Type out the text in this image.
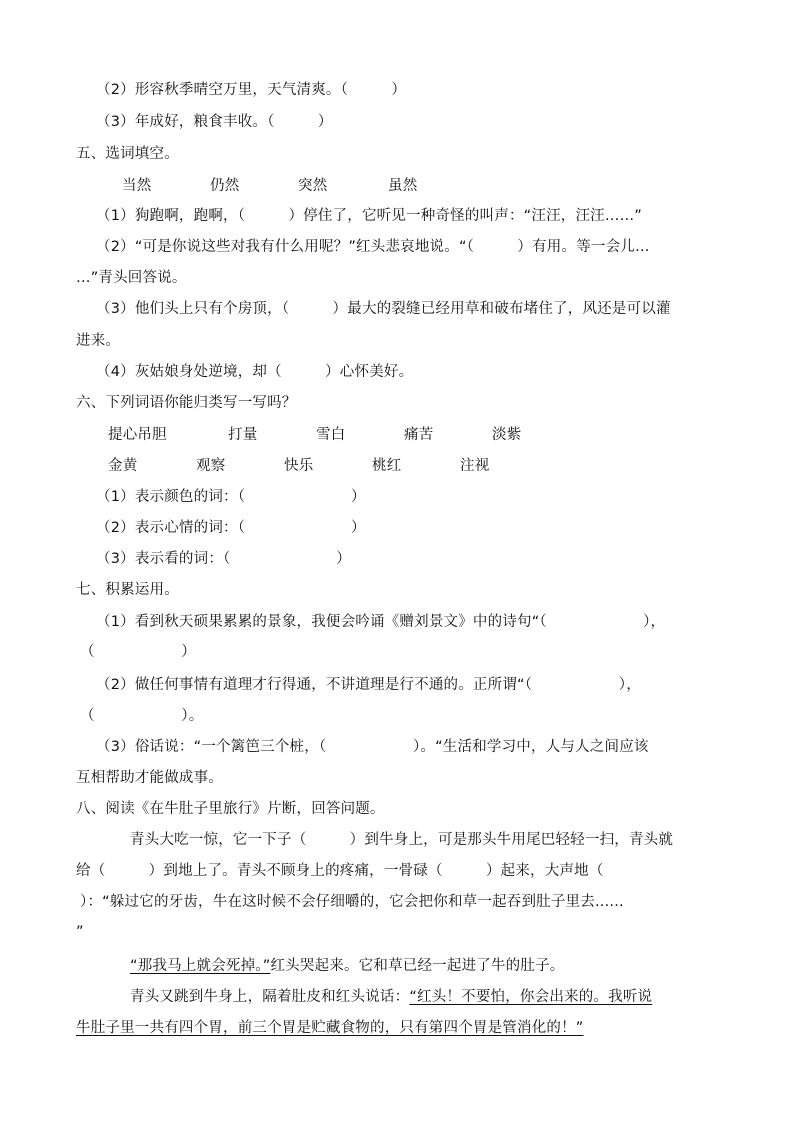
（2）形容秋季晴空万里，天气清爽。（         ）
（3）年成好，粮食丰收。（         ）
五、选词填空。
当然	仍然	突然	虽然
（1）狗跑啊，跑啊，（         ）停住了，它听见一种奇怪的叫声：“汪汪，汪汪……”
（2）“可是你说这些对我有什么用呢？”红头悲哀地说。“（         ）有用。等一会儿…
…”青头回答说。
（3）他们头上只有个房顶，（         ）最大的裂缝已经用草和破布堵住了，风还是可以灌
进来。
（4）灰姑娘身处逆境，却（         ）心怀美好。
六、下列词语你能归类写一写吗？
提心吊胆	打量	雪白	痛苦	淡紫
金黄	观察	快乐	桃红	注视
（1）表示颜色的词：（                      ）
（2）表示心情的词：（                      ）
（3）表示看的词：（                      ）
七、积累运用。
（1）看到秋天硕果累累的景象，我便会吟诵《赠刘景文》中的诗句“（                    ），
（                  ）
（2）做任何事情有道理才行得通，不讲道理是行不通的。正所谓“（                  ），
（                  ）。
（3）俗话说：“一个篱笆三个桩，（                  ）。“生活和学习中，人与人之间应该
互相帮助才能做成事。
八、阅读《在牛肚子里旅行》片断，回答问题。
青头大吃一惊，它一下子（         ）到牛身上，可是那头牛用尾巴轻轻一扫，青头就
给（         ）到地上了。青头不顾身上的疼痛，一骨碌（         ）起来，大声地（
）：“躲过它的牙齿，牛在这时候不会仔细嚼的，它会把你和草一起吞到肚子里去......
”
“那我马上就会死掉。”红头哭起来。它和草已经一起进了牛的肚子。
青头又跳到牛身上，隔着肚皮和红头说话：“红头！不要怕，你会出来的。我听说
牛肚子里一共有四个胃，前三个胃是贮藏食物的，只有第四个胃是管消化的！”
